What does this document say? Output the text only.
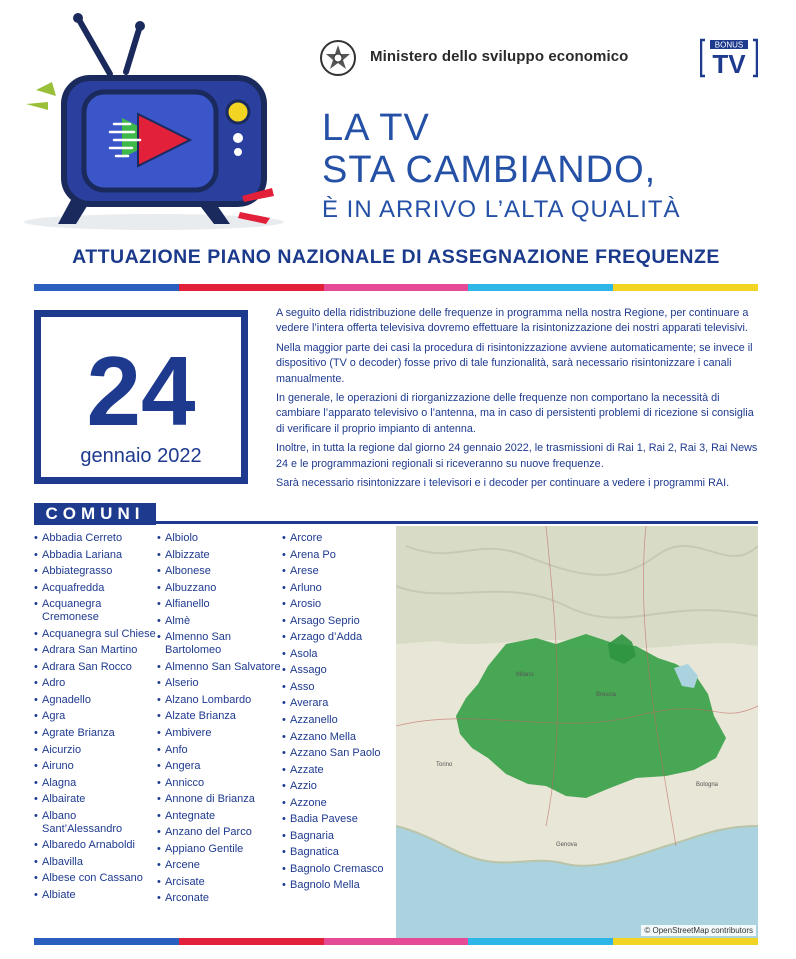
Ministero dello sviluppo economico
BONUS
TV
LA TV
STA CAMBIANDO,
È IN ARRIVO L’ALTA QUALITÀ
ATTUAZIONE PIANO NAZIONALE DI ASSEGNAZIONE FREQUENZE
24
gennaio 2022

A seguito della ridistribuzione delle frequenze in programma nella nostra Regione, per continuare a vedere l’intera offerta televisiva dovremo effettuare la risintonizzazione dei nostri apparati televisivi.

Nella maggior parte dei casi la procedura di risintonizzazione avviene automaticamente; se invece il dispositivo (TV o decoder) fosse privo di tale funzionalità, sarà necessario risintonizzare i canali manualmente.

In generale, le operazioni di riorganizzazione delle frequenze non comportano la necessità di cambiare l’apparato televisivo o l’antenna, ma in caso di persistenti problemi di ricezione si consiglia di verificare il proprio impianto di antenna.

Inoltre, in tutta la regione dal giorno 24 gennaio 2022, le trasmissioni di Rai 1, Rai 2, Rai 3, Rai News 24 e le programmazioni regionali si riceveranno su nuove frequenze.

Sarà necessario risintonizzare i televisori e i decoder per continuare a vedere i programmi RAI.

COMUNI
• Abbadia Cerreto
• Abbadia Lariana
• Abbiategrasso
• Acquafredda
• Acquanegra Cremonese
• Acquanegra sul Chiese
• Adrara San Martino
• Adrara San Rocco
• Adro
• Agnadello
• Agra
• Agrate Brianza
• Aicurzio
• Airuno
• Alagna
• Albairate
• Albano Sant’Alessandro
• Albaredo Arnaboldi
• Albavilla
• Albese con Cassano
• Albiate
• Albiolo
• Albizzate
• Albonese
• Albuzzano
• Alfianello
• Almè
• Almenno San Bartolomeo
• Almenno San Salvatore
• Alserio
• Alzano Lombardo
• Alzate Brianza
• Ambivere
• Anfo
• Angera
• Annicco
• Annone di Brianza
• Antegnate
• Anzano del Parco
• Appiano Gentile
• Arcene
• Arcisate
• Arconate
• Arcore
• Arena Po
• Arese
• Arluno
• Arosio
• Arsago Seprio
• Arzago d’Adda
• Asola
• Assago
• Asso
• Averara
• Azzanello
• Azzano Mella
• Azzano San Paolo
• Azzate
• Azzio
• Azzone
• Badia Pavese
• Bagnaria
• Bagnatica
• Bagnolo Cremasco
• Bagnolo Mella
Milano
Brescia
Torino
Bologna
Genova
© OpenStreetMap contributors
